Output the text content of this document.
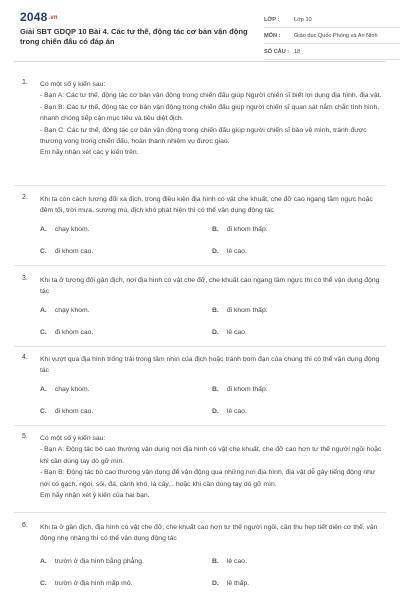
2048.vn
Giải SBT GDQP 10 Bài 4. Các tư thế, động tác cơ bản vận động trong chiến đấu có đáp án
LỚP :	Lớp 10
MÔN :	Giáo dục Quốc Phòng và An Ninh
SỐ CÂU : 18
1. Có một số ý kiến sau:

- Bạn A: Các tư thế, động tác cơ bản vận động trong chiến đấu giúp Người chiến sĩ biết lợi dụng địa hình, địa vật.

- Bạn B: Các tư thế, động tác cơ bản vận động trong chiến đấu giúp người chiến sĩ quan sát nắm chắc tình hình, nhanh chóng tiếp cận mục tiêu và tiêu diệt địch.

- Bạn C: Các tư thế, động tác cơ bản vận động trong chiến đấu giúp người chiến sĩ bảo vệ mình, tránh được thương vong trong chiến đấu, hoàn thành nhiệm vụ được giao.

Em hãy nhận xét các ý kiến trên.

2. Khi ta còn cách tương đối xa địch, trong điều kiện địa hình có vật che khuất, che đỡ cao ngang tầm ngực hoặc đêm tối, trời mưa, sương mù, địch khó phát hiện thì có thể vận dụng động tác

A. chạy khom.	B. đi khom thấp.
C. đi khom cao.	D. lê cao.
3. Khi ta ở tương đối gần địch, nơi địa hình có vật che đỡ, che khuất cao ngang tầm ngực thì có thể vận dụng động tác

A. chạy khom.	B. đi khom thấp.
C. đi khom cao.	D. lê cao.
4. Khi vượt qua địa hình trống trải trong tầm nhìn của địch hoặc tránh bom đạn của chúng thì có thể vận dụng động tác

A. chạy khom.	B. đi khom thấp.
C. đi khom cao.	D. lê cao.
5. Có một số ý kiến sau:

- Bạn A: Động tác bò cao thường vận dụng nơi địa hình có vật che khuất, che đỡ cao hơn tư thế người ngồi hoặc khi cần dùng tay dò gỡ mìn.

- Bạn B: Động tác bò cao thường vận dụng để vận động qua những nơi địa hình, địa vật dễ gây tiếng động như nơi có gạch, ngói, sỏi, đá, cành khô, lá cây,.. hoặc khi cần dùng tay dò gỡ mìn.

Em hãy nhận xét ý kiến của hai bạn.

6. Khi ta ở gần địch, địa hình có vật che đỡ, che khuất cao hơn tư thế người ngồi, cần thu hẹp tiết diện cơ thể, vận động nhẹ nhàng thì có thể vận dụng động tác

A. trườn ở địa hình bằng phẳng.	B. lê cao.
C. trườn ở địa hình mấp mô.	D. lê thấp.
